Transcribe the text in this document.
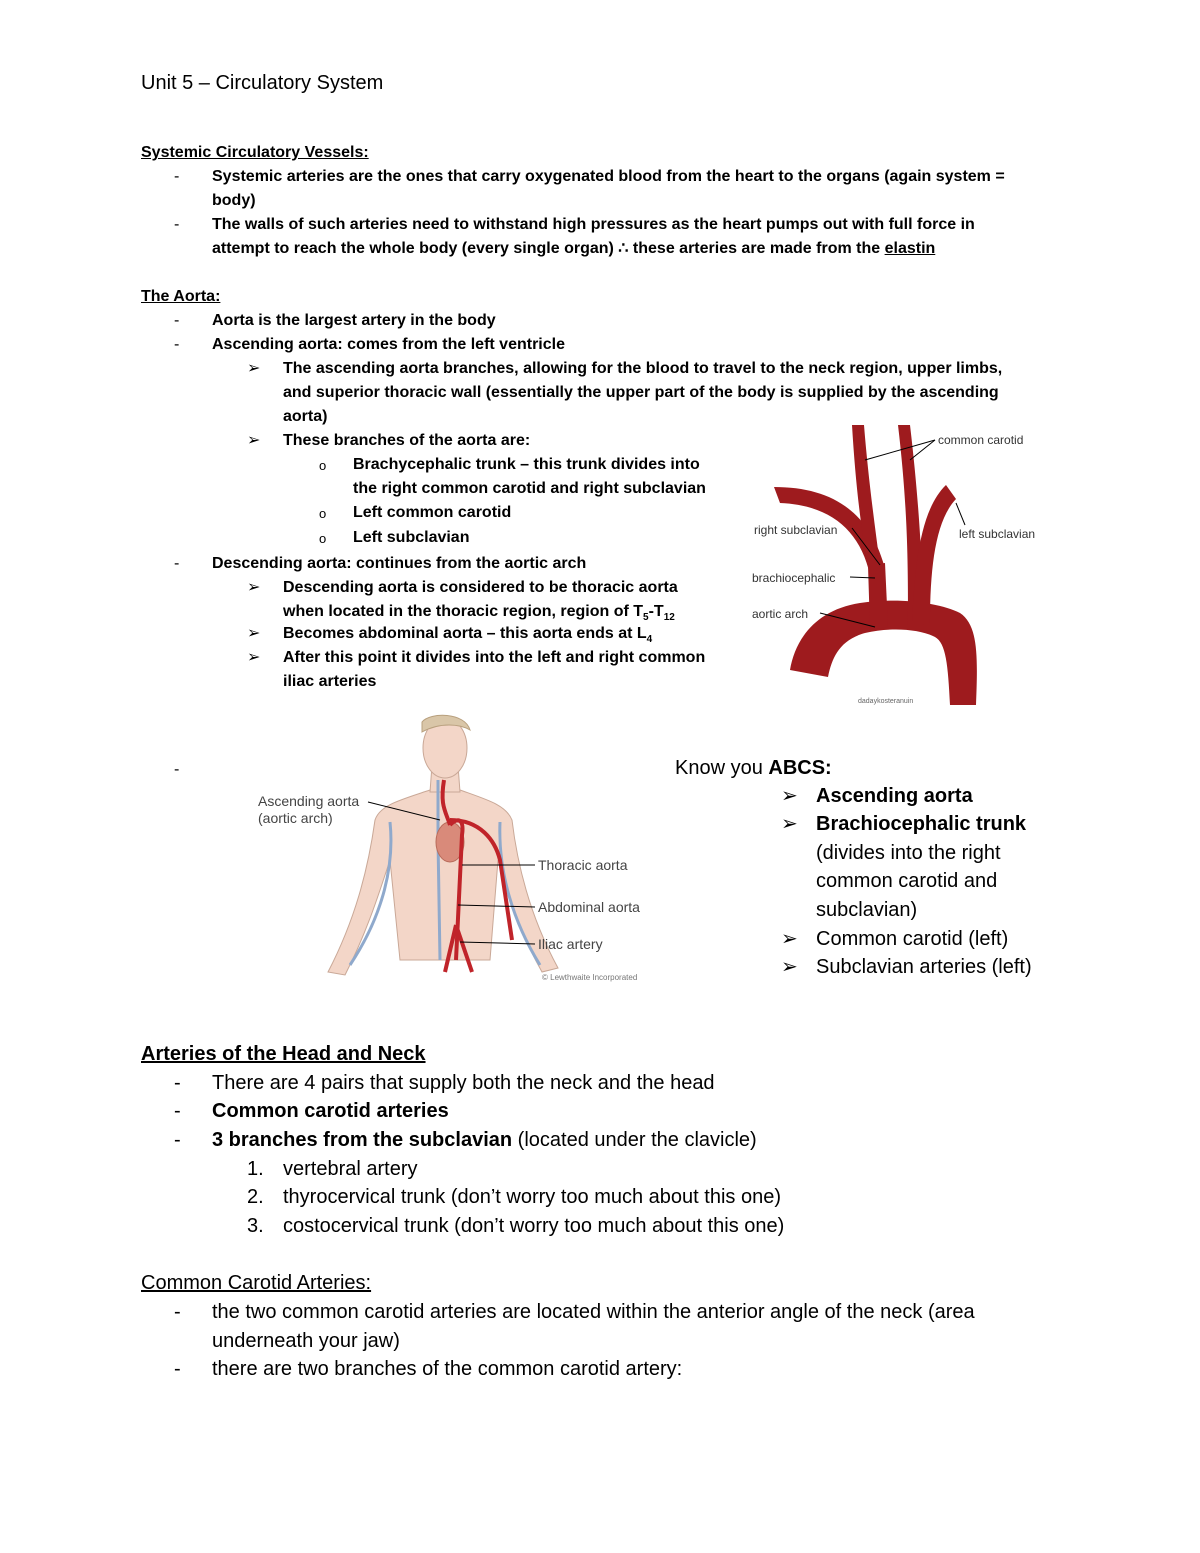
Unit 5 – Circulatory System
Systemic Circulatory Vessels:
- Systemic arteries are the ones that carry oxygenated blood from the heart to the organs (again system =
body)
- The walls of such arteries need to withstand high pressures as the heart pumps out with full force in
attempt to reach the whole body (every single organ) ∴ these arteries are made from the elastin
The Aorta:
- Aorta is the largest artery in the body
- Ascending aorta: comes from the left ventricle
➢ The ascending aorta branches, allowing for the blood to travel to the neck region, upper limbs,
and superior thoracic wall (essentially the upper part of the body is supplied by the ascending
aorta)
➢ These branches of the aorta are:
o Brachycephalic trunk – this trunk divides into
the right common carotid and right subclavian
o Left common carotid
o Left subclavian
- Descending aorta: continues from the aortic arch
➢ Descending aorta is considered to be thoracic aorta
when located in the thoracic region, region of $T_5-T_{12}$
➢ Becomes abdominal aorta – this aorta ends at $L_4$
➢ After this point it divides into the left and right common
iliac arteries
common carotid
right subclavian	left subclavian
brachiocephalic
aortic arch
dadaykosteranuin
-
Ascending aorta
(aortic arch)
Thoracic aorta
Abdominal aorta
Iliac artery
© Lewthwaite Incorporated
Know you ABCS:
➢ Ascending aorta
➢ Brachiocephalic trunk
(divides into the right
common carotid and
subclavian)
➢ Common carotid (left)
➢ Subclavian arteries (left)
Arteries of the Head and Neck
- There are 4 pairs that supply both the neck and the head
- Common carotid arteries
- 3 branches from the subclavian (located under the clavicle)
1. vertebral artery
2. thyrocervical trunk (don’t worry too much about this one)
3. costocervical trunk (don’t worry too much about this one)
Common Carotid Arteries:
- the two common carotid arteries are located within the anterior angle of the neck (area
underneath your jaw)
- there are two branches of the common carotid artery:
